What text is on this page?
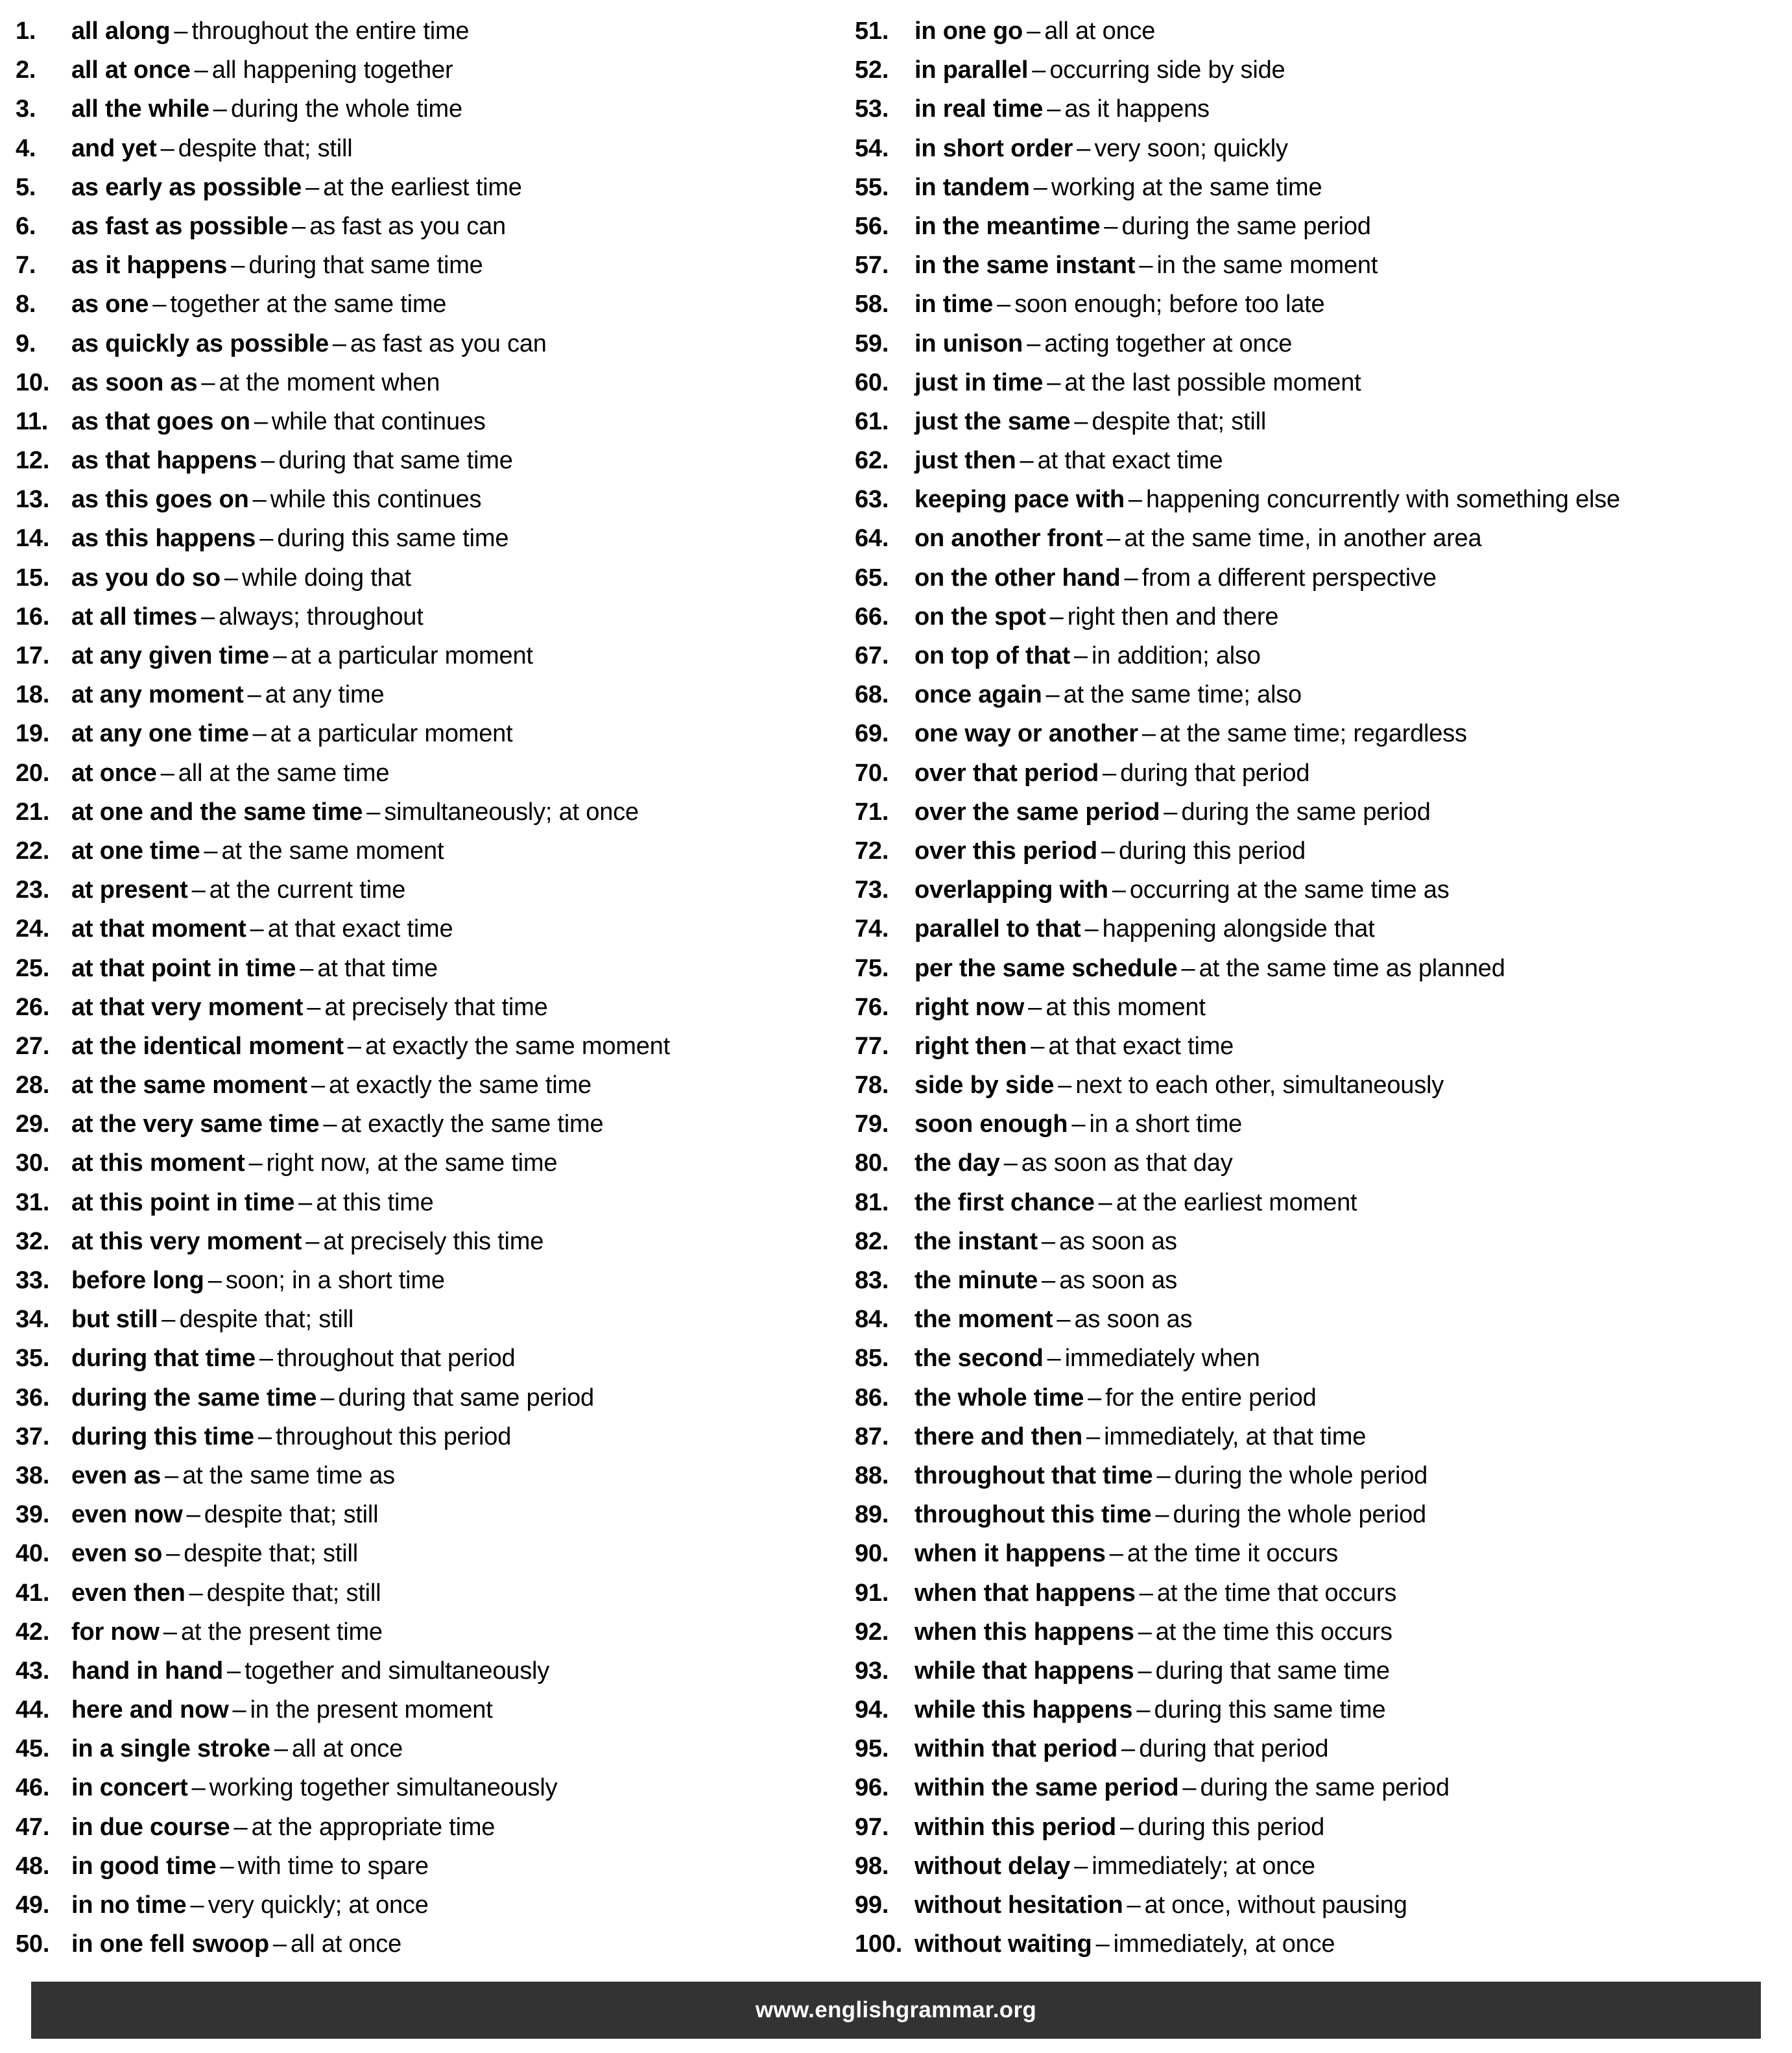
1.	all along – throughout the entire time
2.	all at once – all happening together
3.	all the while – during the whole time
4.	and yet – despite that; still
5.	as early as possible – at the earliest time
6.	as fast as possible – as fast as you can
7.	as it happens – during that same time
8.	as one – together at the same time
9.	as quickly as possible – as fast as you can
10. as soon as – at the moment when
11. as that goes on – while that continues
12. as that happens – during that same time
13. as this goes on – while this continues
14. as this happens – during this same time
15. as you do so – while doing that
16. at all times – always; throughout
17. at any given time – at a particular moment
18. at any moment – at any time
19. at any one time – at a particular moment
20. at once – all at the same time
21. at one and the same time – simultaneously; at once
22. at one time – at the same moment
23. at present – at the current time
24. at that moment – at that exact time
25. at that point in time – at that time
26. at that very moment – at precisely that time
27. at the identical moment – at exactly the same moment
28. at the same moment – at exactly the same time
29. at the very same time – at exactly the same time
30. at this moment – right now, at the same time
31. at this point in time – at this time
32. at this very moment – at precisely this time
33. before long – soon; in a short time
34. but still – despite that; still
35. during that time – throughout that period
36. during the same time – during that same period
37. during this time – throughout this period
38. even as – at the same time as
39. even now – despite that; still
40. even so – despite that; still
41. even then – despite that; still
42. for now – at the present time
43. hand in hand – together and simultaneously
44. here and now – in the present moment
45. in a single stroke – all at once
46. in concert – working together simultaneously
47. in due course – at the appropriate time
48. in good time – with time to spare
49. in no time – very quickly; at once
50. in one fell swoop – all at once
51.	in one go – all at once
52.	in parallel – occurring side by side
53.	in real time – as it happens
54.	in short order – very soon; quickly
55.	in tandem – working at the same time
56.	in the meantime – during the same period
57.	in the same instant – in the same moment
58.	in time – soon enough; before too late
59.	in unison – acting together at once
60.	just in time – at the last possible moment
61.	just the same – despite that; still
62.	just then – at that exact time
63.	keeping pace with – happening concurrently with something else
64.	on another front – at the same time, in another area
65.	on the other hand – from a different perspective
66.	on the spot – right then and there
67.	on top of that – in addition; also
68.	once again – at the same time; also
69.	one way or another – at the same time; regardless
70.	over that period – during that period
71.	over the same period – during the same period
72.	over this period – during this period
73.	overlapping with – occurring at the same time as
74.	parallel to that – happening alongside that
75.	per the same schedule – at the same time as planned
76.	right now – at this moment
77.	right then – at that exact time
78.	side by side – next to each other, simultaneously
79.	soon enough – in a short time
80.	the day – as soon as that day
81.	the first chance – at the earliest moment
82.	the instant – as soon as
83.	the minute – as soon as
84.	the moment – as soon as
85.	the second – immediately when
86.	the whole time – for the entire period
87.	there and then – immediately, at that time
88.	throughout that time – during the whole period
89.	throughout this time – during the whole period
90.	when it happens – at the time it occurs
91.	when that happens – at the time that occurs
92.	when this happens – at the time this occurs
93.	while that happens – during that same time
94.	while this happens – during this same time
95.	within that period – during that period
96.	within the same period – during the same period
97.	within this period – during this period
98.	without delay – immediately; at once
99.	without hesitation – at once, without pausing
100. without waiting – immediately, at once
www.englishgrammar.org
